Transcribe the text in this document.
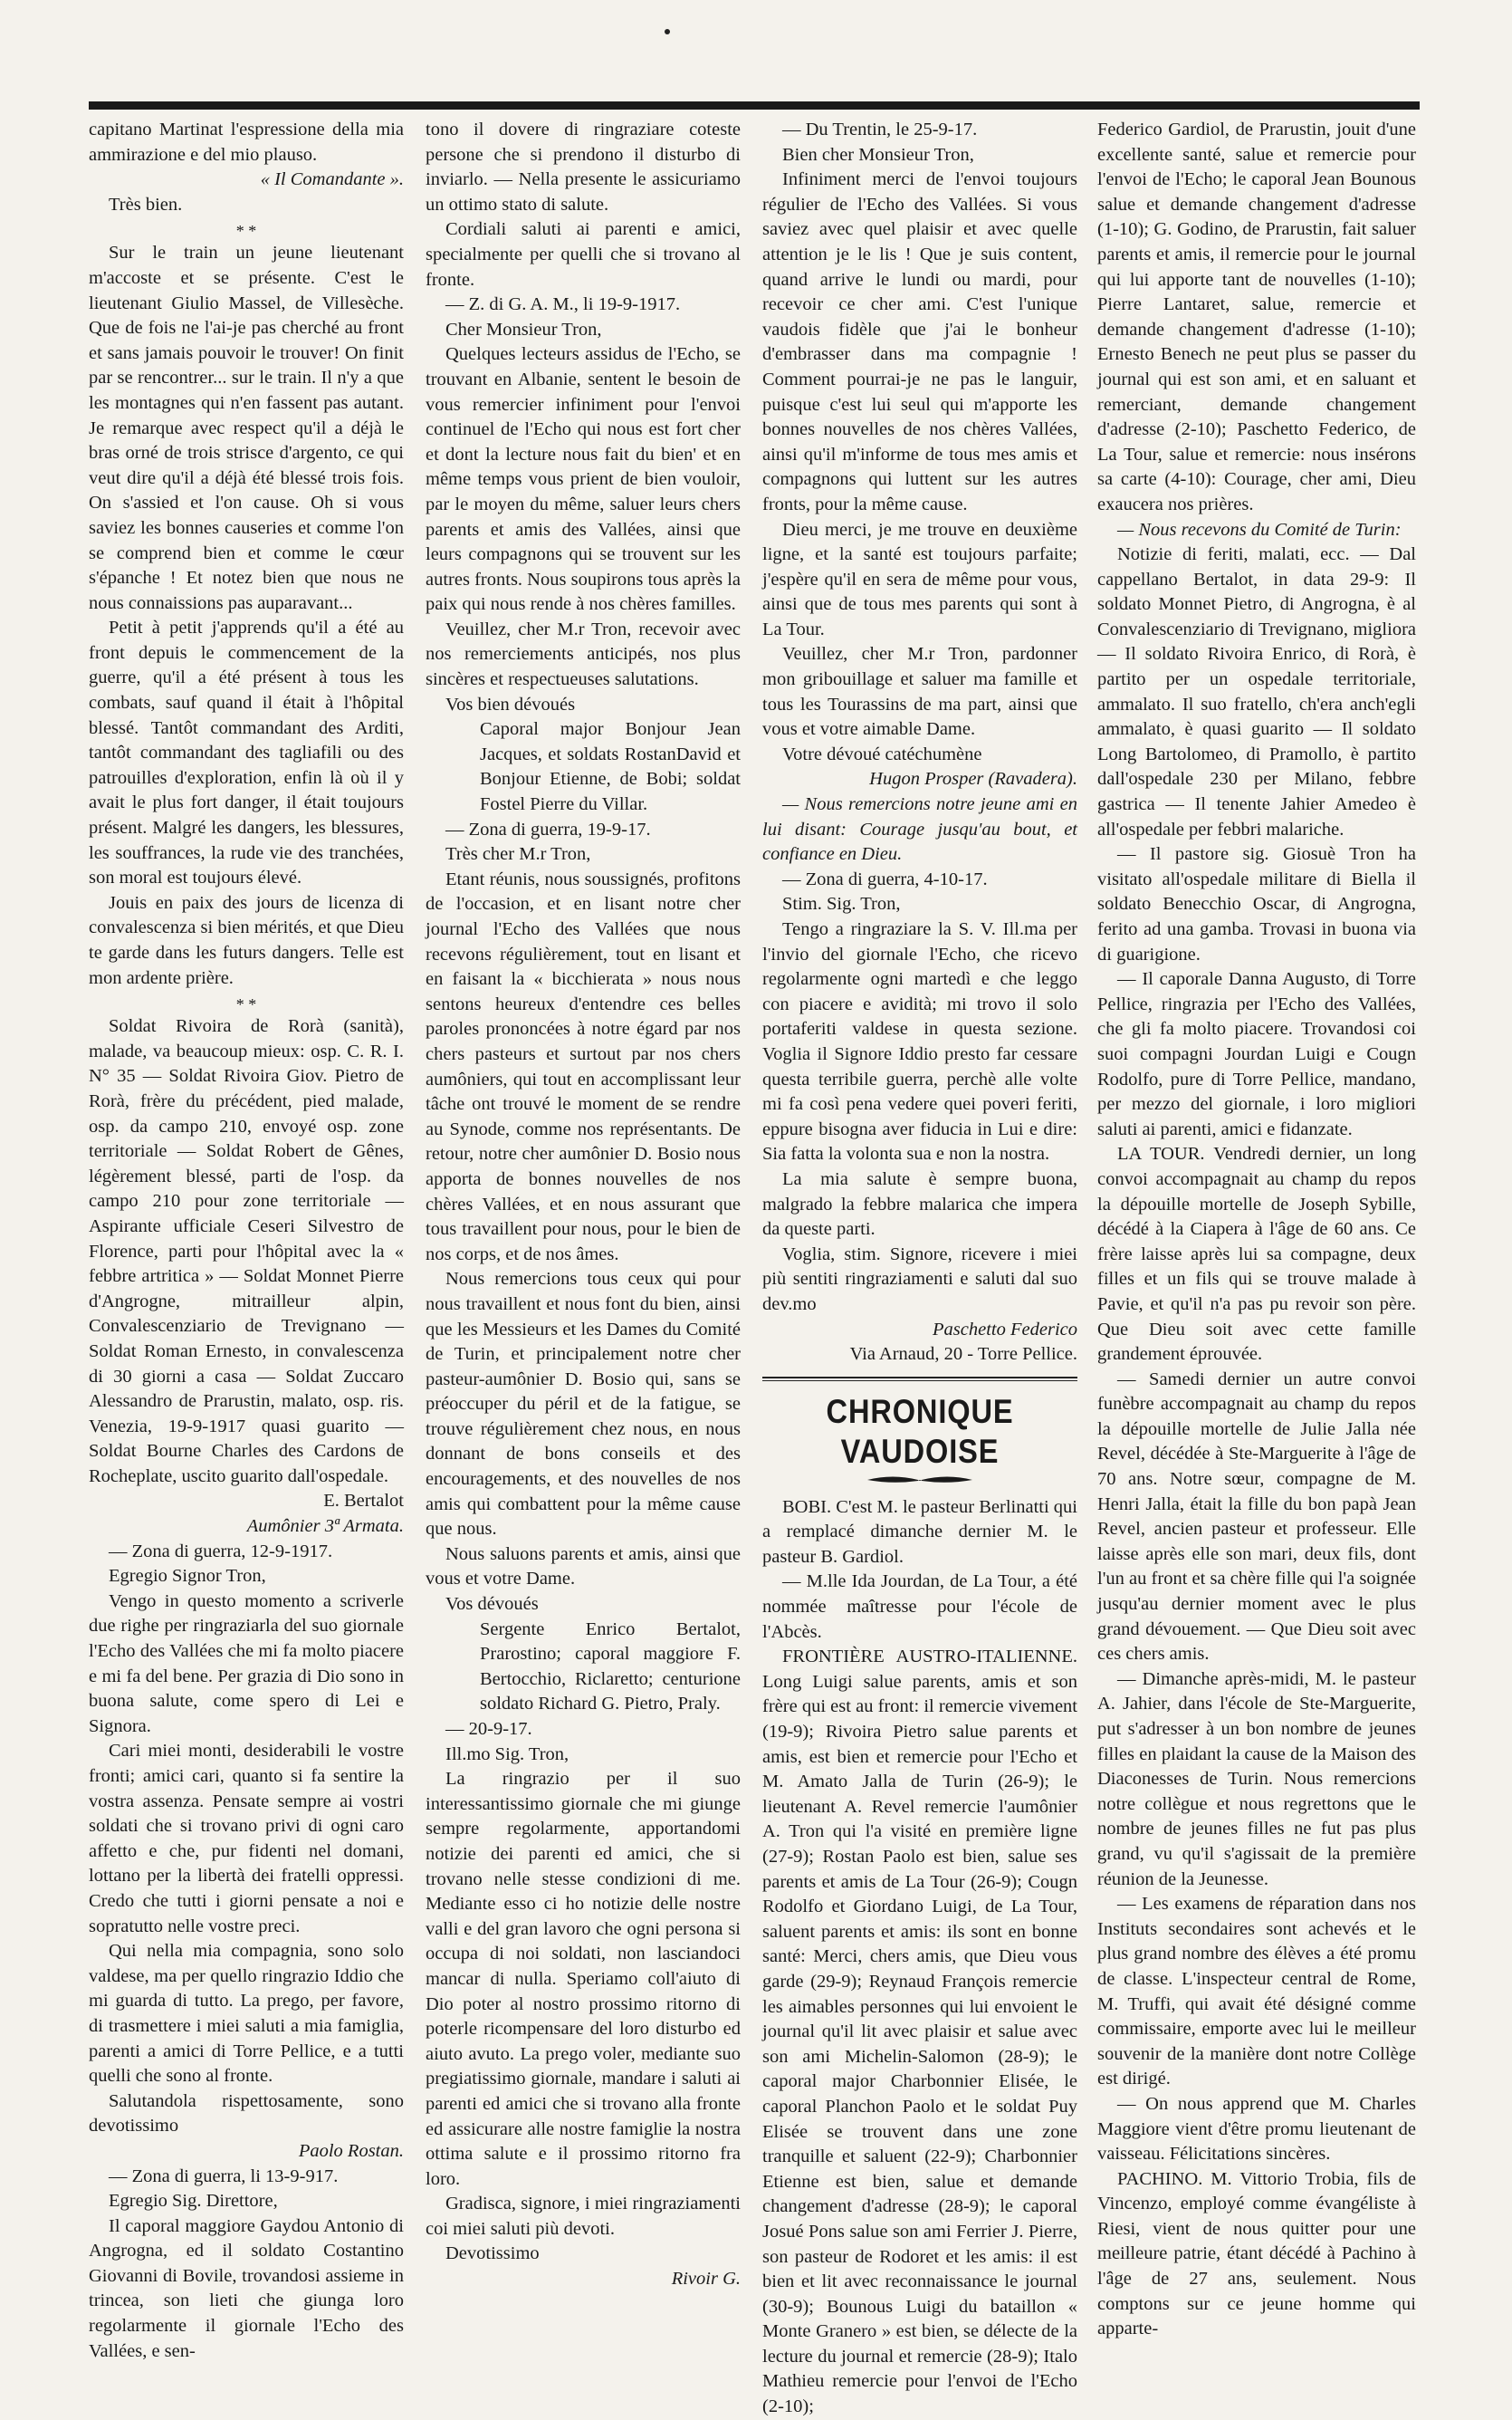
capitano Martinat l'espressione della mia ammirazione e del mio plauso.

« Il Comandante ».

Très bien.

* *

Sur le train un jeune lieutenant m'accoste et se présente. C'est le lieutenant Giulio Massel, de Villesèche. Que de fois ne l'ai-je pas cherché au front et sans jamais pouvoir le trouver! On finit par se rencontrer... sur le train. Il n'y a que les montagnes qui n'en fassent pas autant. Je remarque avec respect qu'il a déjà le bras orné de trois strisce d'argento, ce qui veut dire qu'il a déjà été blessé trois fois. On s'assied et l'on cause. Oh si vous saviez les bonnes causeries et comme l'on se comprend bien et comme le cœur s'épanche ! Et notez bien que nous ne nous connaissions pas auparavant...

Petit à petit j'apprends qu'il a été au front depuis le commencement de la guerre, qu'il a été présent à tous les combats, sauf quand il était à l'hôpital blessé. Tantôt commandant des Arditi, tantôt commandant des tagliafili ou des patrouilles d'exploration, enfin là où il y avait le plus fort danger, il était toujours présent. Malgré les dangers, les blessures, les souffrances, la rude vie des tranchées, son moral est toujours élevé.

Jouis en paix des jours de licenza di convalescenza si bien mérités, et que Dieu te garde dans les futurs dangers. Telle est mon ardente prière.

* *

Soldat Rivoira de Rorà (sanità), malade, va beaucoup mieux: osp. C. R. I. N° 35 — Soldat Rivoira Giov. Pietro de Rorà, frère du précédent, pied malade, osp. da campo 210, envoyé osp. zone territoriale — Soldat Robert de Gênes, légèrement blessé, parti de l'osp. da campo 210 pour zone territoriale — Aspirante ufficiale Ceseri Silvestro de Florence, parti pour l'hôpital avec la « febbre artritica » — Soldat Monnet Pierre d'Angrogne, mitrailleur alpin, Convalescenziario de Trevignano — Soldat Roman Ernesto, in convalescenza di 30 giorni a casa — Soldat Zuccaro Alessandro de Prarustin, malato, osp. ris. Venezia, 19-9-1917 quasi guarito — Soldat Bourne Charles des Cardons de Rocheplate, uscito guarito dall'ospedale.

E. Bertalot

Aumônier 3ª Armata.

— Zona di guerra, 12-9-1917.

Egregio Signor Tron,

Vengo in questo momento a scriverle due righe per ringraziarla del suo giornale l'Echo des Vallées che mi fa molto piacere e mi fa del bene. Per grazia di Dio sono in buona salute, come spero di Lei e Signora.

Cari miei monti, desiderabili le vostre fronti; amici cari, quanto si fa sentire la vostra assenza. Pensate sempre ai vostri soldati che si trovano privi di ogni caro affetto e che, pur fidenti nel domani, lottano per la libertà dei fratelli oppressi. Credo che tutti i giorni pensate a noi e sopratutto nelle vostre preci.

Qui nella mia compagnia, sono solo valdese, ma per quello ringrazio Iddio che mi guarda di tutto. La prego, per favore, di trasmettere i miei saluti a mia famiglia, parenti a amici di Torre Pellice, e a tutti quelli che sono al fronte.

Salutandola rispettosamente, sono devotissimo

Paolo Rostan.

— Zona di guerra, li 13-9-917.

Egregio Sig. Direttore,

Il caporal maggiore Gaydou Antonio di Angrogna, ed il soldato Costantino Giovanni di Bovile, trovandosi assieme in trincea, son lieti che giunga loro regolarmente il giornale l'Echo des Vallées, e sen-

tono il dovere di ringraziare coteste persone che si prendono il disturbo di inviarlo. — Nella presente le assicuriamo un ottimo stato di salute.

Cordiali saluti ai parenti e amici, specialmente per quelli che si trovano al fronte.

— Z. di G. A. M., li 19-9-1917.

Cher Monsieur Tron,

Quelques lecteurs assidus de l'Echo, se trouvant en Albanie, sentent le besoin de vous remercier infiniment pour l'envoi continuel de l'Echo qui nous est fort cher et dont la lecture nous fait du bien' et en même temps vous prient de bien vouloir, par le moyen du même, saluer leurs chers parents et amis des Vallées, ainsi que leurs compagnons qui se trouvent sur les autres fronts. Nous soupirons tous après la paix qui nous rende à nos chères familles.

Veuillez, cher M.r Tron, recevoir avec nos remerciements anticipés, nos plus sincères et respectueuses salutations.

Vos bien dévoués

Caporal major Bonjour Jean Jacques, et soldats RostanDavid et Bonjour Etienne, de Bobi; soldat Fostel Pierre du Villar.

— Zona di guerra, 19-9-17.

Très cher M.r Tron,

Etant réunis, nous soussignés, profitons de l'occasion, et en lisant notre cher journal l'Echo des Vallées que nous recevons régulièrement, tout en lisant et en faisant la « bicchierata » nous nous sentons heureux d'entendre ces belles paroles prononcées à notre égard par nos chers pasteurs et surtout par nos chers aumôniers, qui tout en accomplissant leur tâche ont trouvé le moment de se rendre au Synode, comme nos représentants. De retour, notre cher aumônier D. Bosio nous apporta de bonnes nouvelles de nos chères Vallées, et en nous assurant que tous travaillent pour nous, pour le bien de nos corps, et de nos âmes.

Nous remercions tous ceux qui pour nous travaillent et nous font du bien, ainsi que les Messieurs et les Dames du Comité de Turin, et principalement notre cher pasteur-aumônier D. Bosio qui, sans se préoccuper du péril et de la fatigue, se trouve régulièrement chez nous, en nous donnant de bons conseils et des encouragements, et des nouvelles de nos amis qui combattent pour la même cause que nous.

Nous saluons parents et amis, ainsi que vous et votre Dame.

Vos dévoués

Sergente Enrico Bertalot, Prarostino; caporal maggiore F. Bertocchio, Riclaretto; centurione soldato Richard G. Pietro, Praly.

— 20-9-17.

Ill.mo Sig. Tron,

La ringrazio per il suo interessantissimo giornale che mi giunge sempre regolarmente, apportandomi notizie dei parenti ed amici, che si trovano nelle stesse condizioni di me. Mediante esso ci ho notizie delle nostre valli e del gran lavoro che ogni persona si occupa di noi soldati, non lasciandoci mancar di nulla. Speriamo coll'aiuto di Dio poter al nostro prossimo ritorno di poterle ricompensare del loro disturbo ed aiuto avuto. La prego voler, mediante suo pregiatissimo giornale, mandare i saluti ai parenti ed amici che si trovano alla fronte ed assicurare alle nostre famiglie la nostra ottima salute e il prossimo ritorno fra loro.

Gradisca, signore, i miei ringraziamenti coi miei saluti più devoti.

Devotissimo

Rivoir G.

— Du Trentin, le 25-9-17.

Bien cher Monsieur Tron,

Infiniment merci de l'envoi toujours régulier de l'Echo des Vallées. Si vous saviez avec quel plaisir et avec quelle attention je le lis ! Que je suis content, quand arrive le lundi ou mardi, pour recevoir ce cher ami. C'est l'unique vaudois fidèle que j'ai le bonheur d'embrasser dans ma compagnie ! Comment pourrai-je ne pas le languir, puisque c'est lui seul qui m'apporte les bonnes nouvelles de nos chères Vallées, ainsi qu'il m'informe de tous mes amis et compagnons qui luttent sur les autres fronts, pour la même cause.

Dieu merci, je me trouve en deuxième ligne, et la santé est toujours parfaite; j'espère qu'il en sera de même pour vous, ainsi que de tous mes parents qui sont à La Tour.

Veuillez, cher M.r Tron, pardonner mon gribouillage et saluer ma famille et tous les Tourassins de ma part, ainsi que vous et votre aimable Dame.

Votre dévoué catéchumène

Hugon Prosper (Ravadera).

— Nous remercions notre jeune ami en lui disant: Courage jusqu'au bout, et confiance en Dieu.

— Zona di guerra, 4-10-17.

Stim. Sig. Tron,

Tengo a ringraziare la S. V. Ill.ma per l'invio del giornale l'Echo, che ricevo regolarmente ogni martedì e che leggo con piacere e avidità; mi trovo il solo portaferiti valdese in questa sezione. Voglia il Signore Iddio presto far cessare questa terribile guerra, perchè alle volte mi fa così pena vedere quei poveri feriti, eppure bisogna aver fiducia in Lui e dire: Sia fatta la volonta sua e non la nostra.

La mia salute è sempre buona, malgrado la febbre malarica che impera da queste parti.

Voglia, stim. Signore, ricevere i miei più sentiti ringraziamenti e saluti dal suo dev.mo

Paschetto Federico

Via Arnaud, 20 - Torre Pellice.

CHRONIQUE VAUDOISE

BOBI. C'est M. le pasteur Berlinatti qui a remplacé dimanche dernier M. le pasteur B. Gardiol.

— M.lle Ida Jourdan, de La Tour, a été nommée maîtresse pour l'école de l'Abcès.

FRONTIÈRE AUSTRO-ITALIENNE. Long Luigi salue parents, amis et son frère qui est au front: il remercie vivement (19-9); Rivoira Pietro salue parents et amis, est bien et remercie pour l'Echo et M. Amato Jalla de Turin (26-9); le lieutenant A. Revel remercie l'aumônier A. Tron qui l'a visité en première ligne (27-9); Rostan Paolo est bien, salue ses parents et amis de La Tour (26-9); Cougn Rodolfo et Giordano Luigi, de La Tour, saluent parents et amis: ils sont en bonne santé: Merci, chers amis, que Dieu vous garde (29-9); Reynaud François remercie les aimables personnes qui lui envoient le journal qu'il lit avec plaisir et salue avec son ami Michelin-Salomon (28-9); le caporal major Charbonnier Elisée, le caporal Planchon Paolo et le soldat Puy Elisée se trouvent dans une zone tranquille et saluent (22-9); Charbonnier Etienne est bien, salue et demande changement d'adresse (28-9); le caporal Josué Pons salue son ami Ferrier J. Pierre, son pasteur de Rodoret et les amis: il est bien et lit avec reconnaissance le journal (30-9); Bounous Luigi du bataillon « Monte Granero » est bien, se délecte de la lecture du journal et remercie (28-9); Italo Mathieu remercie pour l'envoi de l'Echo (2-10);

Federico Gardiol, de Prarustin, jouit d'une excellente santé, salue et remercie pour l'envoi de l'Echo; le caporal Jean Bounous salue et demande changement d'adresse (1-10); G. Godino, de Prarustin, fait saluer parents et amis, il remercie pour le journal qui lui apporte tant de nouvelles (1-10); Pierre Lantaret, salue, remercie et demande changement d'adresse (1-10); Ernesto Benech ne peut plus se passer du journal qui est son ami, et en saluant et remerciant, demande changement d'adresse (2-10); Paschetto Federico, de La Tour, salue et remercie: nous insérons sa carte (4-10): Courage, cher ami, Dieu exaucera nos prières.

— Nous recevons du Comité de Turin:

Notizie di feriti, malati, ecc. — Dal cappellano Bertalot, in data 29-9: Il soldato Monnet Pietro, di Angrogna, è al Convalescenziario di Trevignano, migliora — Il soldato Rivoira Enrico, di Rorà, è partito per un ospedale territoriale, ammalato. Il suo fratello, ch'era anch'egli ammalato, è quasi guarito — Il soldato Long Bartolomeo, di Pramollo, è partito dall'ospedale 230 per Milano, febbre gastrica — Il tenente Jahier Amedeo è all'ospedale per febbri malariche.

— Il pastore sig. Giosuè Tron ha visitato all'ospedale militare di Biella il soldato Benecchio Oscar, di Angrogna, ferito ad una gamba. Trovasi in buona via di guarigione.

— Il caporale Danna Augusto, di Torre Pellice, ringrazia per l'Echo des Vallées, che gli fa molto piacere. Trovandosi coi suoi compagni Jourdan Luigi e Cougn Rodolfo, pure di Torre Pellice, mandano, per mezzo del giornale, i loro migliori saluti ai parenti, amici e fidanzate.

LA TOUR. Vendredi dernier, un long convoi accompagnait au champ du repos la dépouille mortelle de Joseph Sybille, décédé à la Ciapera à l'âge de 60 ans. Ce frère laisse après lui sa compagne, deux filles et un fils qui se trouve malade à Pavie, et qu'il n'a pas pu revoir son père. Que Dieu soit avec cette famille grandement éprouvée.

— Samedi dernier un autre convoi funèbre accompagnait au champ du repos la dépouille mortelle de Julie Jalla née Revel, décédée à Ste-Marguerite à l'âge de 70 ans. Notre sœur, compagne de M. Henri Jalla, était la fille du bon papà Jean Revel, ancien pasteur et professeur. Elle laisse après elle son mari, deux fils, dont l'un au front et sa chère fille qui l'a soignée jusqu'au dernier moment avec le plus grand dévouement. — Que Dieu soit avec ces chers amis.

— Dimanche après-midi, M. le pasteur A. Jahier, dans l'école de Ste-Marguerite, put s'adresser à un bon nombre de jeunes filles en plaidant la cause de la Maison des Diaconesses de Turin. Nous remercions notre collègue et nous regrettons que le nombre de jeunes filles ne fut pas plus grand, vu qu'il s'agissait de la première réunion de la Jeunesse.

— Les examens de réparation dans nos Instituts secondaires sont achevés et le plus grand nombre des élèves a été promu de classe. L'inspecteur central de Rome, M. Truffi, qui avait été désigné comme commissaire, emporte avec lui le meilleur souvenir de la manière dont notre Collège est dirigé.

— On nous apprend que M. Charles Maggiore vient d'être promu lieutenant de vaisseau. Félicitations sincères.

PACHINO. M. Vittorio Trobia, fils de Vincenzo, employé comme évangéliste à Riesi, vient de nous quitter pour une meilleure patrie, étant décédé à Pachino à l'âge de 27 ans, seulement. Nous comptons sur ce jeune homme qui apparte-
